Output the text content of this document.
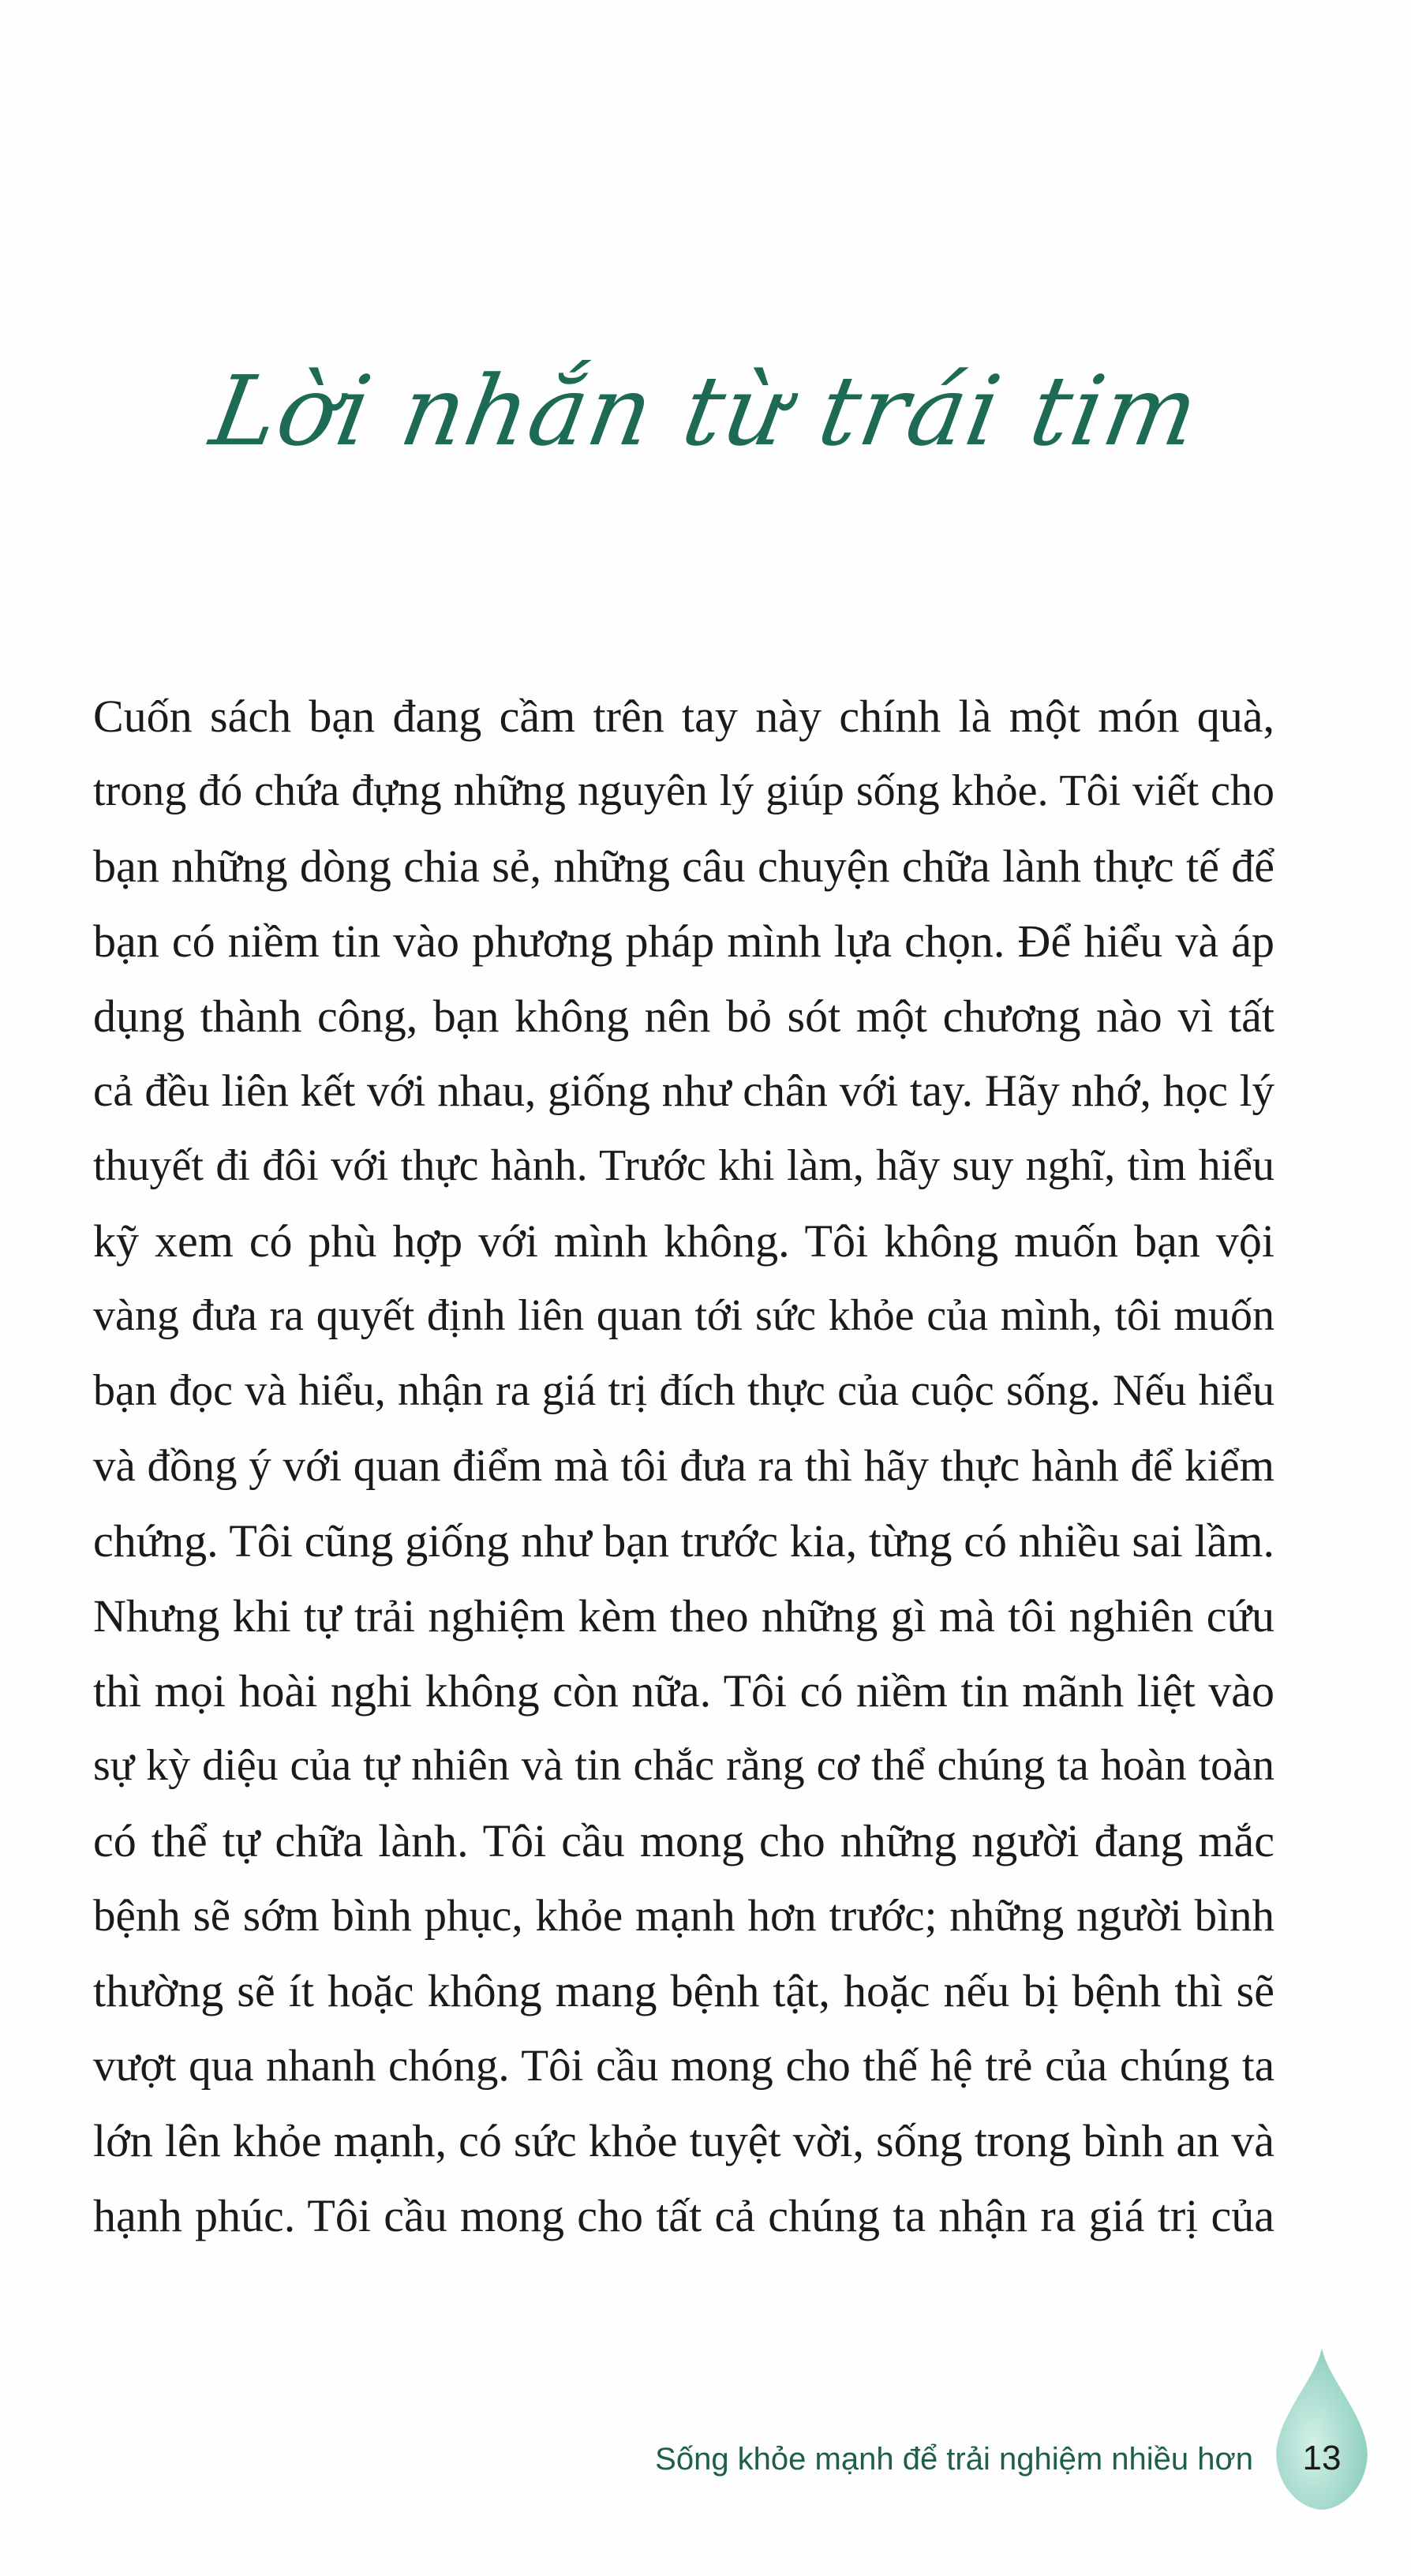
Lời nhắn từ trái tim
Cuốn sách bạn đang cầm trên tay này chính là một món quà,
trong đó chứa đựng những nguyên lý giúp sống khỏe. Tôi viết cho
bạn những dòng chia sẻ, những câu chuyện chữa lành thực tế để
bạn có niềm tin vào phương pháp mình lựa chọn. Để hiểu và áp
dụng thành công, bạn không nên bỏ sót một chương nào vì tất
cả đều liên kết với nhau, giống như chân với tay. Hãy nhớ, học lý
thuyết đi đôi với thực hành. Trước khi làm, hãy suy nghĩ, tìm hiểu
kỹ xem có phù hợp với mình không. Tôi không muốn bạn vội
vàng đưa ra quyết định liên quan tới sức khỏe của mình, tôi muốn
bạn đọc và hiểu, nhận ra giá trị đích thực của cuộc sống. Nếu hiểu
và đồng ý với quan điểm mà tôi đưa ra thì hãy thực hành để kiểm
chứng. Tôi cũng giống như bạn trước kia, từng có nhiều sai lầm.
Nhưng khi tự trải nghiệm kèm theo những gì mà tôi nghiên cứu
thì mọi hoài nghi không còn nữa. Tôi có niềm tin mãnh liệt vào
sự kỳ diệu của tự nhiên và tin chắc rằng cơ thể chúng ta hoàn toàn
có thể tự chữa lành. Tôi cầu mong cho những người đang mắc
bệnh sẽ sớm bình phục, khỏe mạnh hơn trước; những người bình
thường sẽ ít hoặc không mang bệnh tật, hoặc nếu bị bệnh thì sẽ
vượt qua nhanh chóng. Tôi cầu mong cho thế hệ trẻ của chúng ta
lớn lên khỏe mạnh, có sức khỏe tuyệt vời, sống trong bình an và
hạnh phúc. Tôi cầu mong cho tất cả chúng ta nhận ra giá trị của
Sống khỏe mạnh để trải nghiệm nhiều hơn	13
